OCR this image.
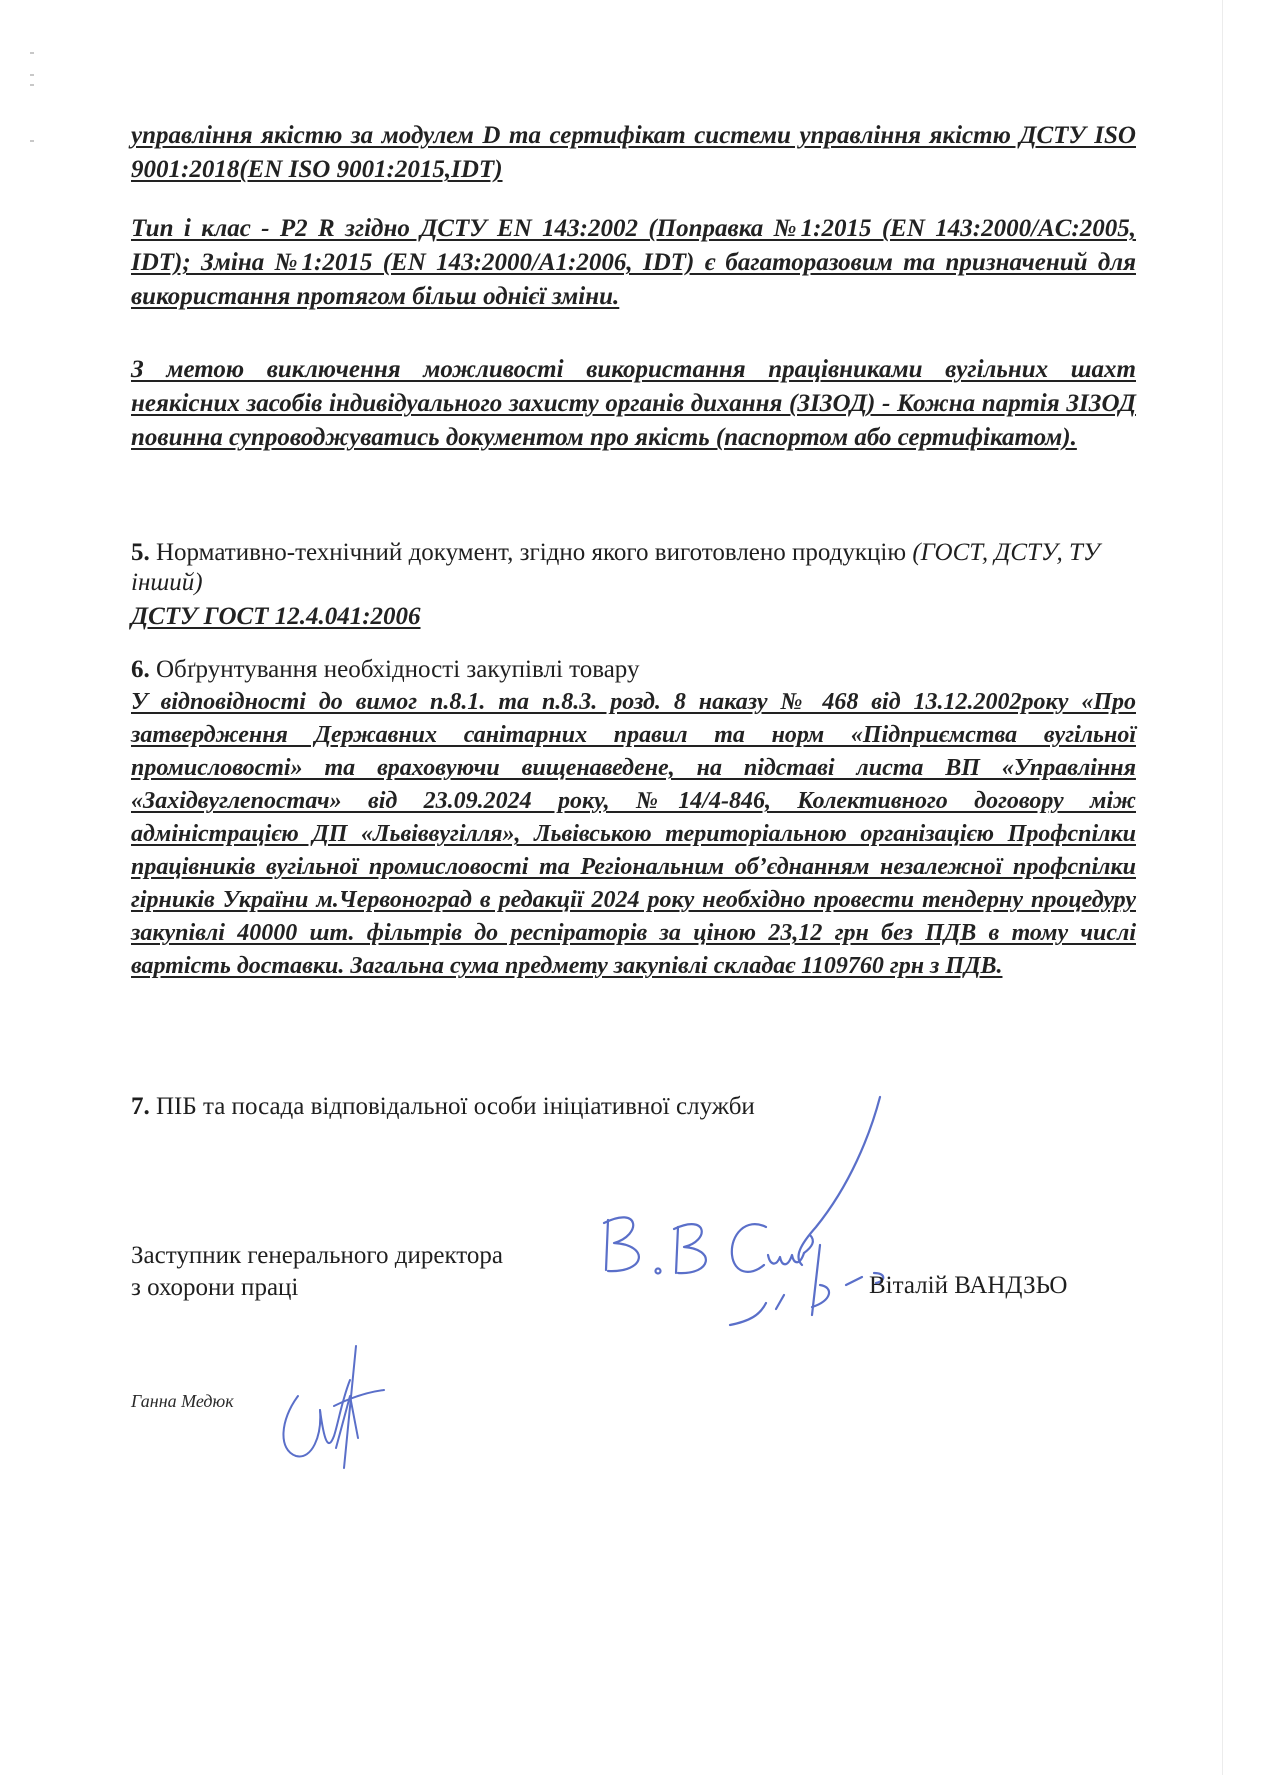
управління якістю за модулем D та сертифікат системи управління якістю ДСТУ ISO 9001:2018(EN ISO 9001:2015,IDT)
Тип і клас - Р2 R згідно ДСТУ EN 143:2002 (Поправка №1:2015 (EN 143:2000/AC:2005, IDT); Зміна №1:2015 (EN 143:2000/A1:2006, IDT) є багаторазовим та призначений для використання протягом більш однієї зміни.
З метою виключення можливості використання працівниками вугільних шахт неякісних засобів індивідуального захисту органів дихання (ЗІЗОД) - Кожна партія ЗІЗОД повинна супроводжуватись документом про якість (паспортом або сертифікатом).
5. Нормативно-технічний документ, згідно якого виготовлено продукцію (ГОСТ, ДСТУ, ТУ інший)
ДСТУ ГОСТ 12.4.041:2006
6. Обґрунтування необхідності закупівлі товару
У відповідності до вимог п.8.1. та п.8.3. розд. 8 наказу № 468 від 13.12.2002року «Про затвердження Державних санітарних правил та норм «Підприємства вугільної промисловості» та враховуючи вищенаведене, на підставі листа ВП «Управління «Західвуглепостач» від 23.09.2024 року, №14/4-846, Колективного договору між адміністрацією ДП «Львіввугілля», Львівською територіальною організацією Профспілки працівників вугільної промисловості та Регіональним об’єднанням незалежної профспілки гірників України м.Червоноград в редакції 2024 року необхідно провести тендерну процедуру закупівлі 40000 шт. фільтрів до респіраторів за ціною 23,12 грн без ПДВ в тому числі вартість доставки. Загальна сума предмету закупівлі складає 1109760 грн з ПДВ.
7. ПІБ та посада відповідальної особи ініціативної служби
Заступник генерального директора
з охорони праці	Віталій ВАНДЗЬО
Ганна Медюк
